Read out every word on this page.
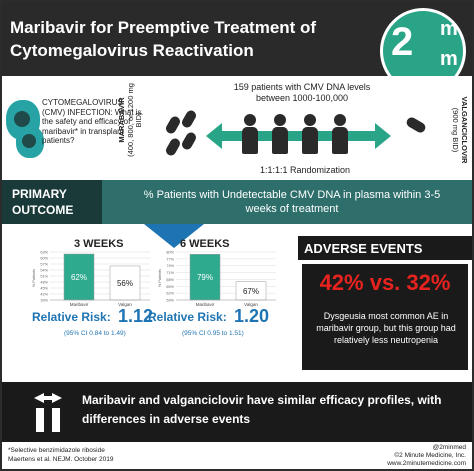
Maribavir for Preemptive Treatment of Cytomegalovirus Reactivation	2 m
m
CYTOMEGALOVIRUS (CMV) INFECTION: What is the safety and efficacy of maribavir* in transplant patients?	MARABAVIR (400, 800, or 1200 mg BID)
159 patients with CMV DNA levels between 1000-100,000
1:1:1:1 Randomization
VALGANCICLOVIR
(900 mg BID)
PRIMARY OUTCOME
% Patients with Undetectable CMV DNA in plasma within 3-5 weeks of treatment
3 WEEKS
63%
60%
57%
54%
51%
48%
45%
42%
39%
% Patients	62%
Maribavir
56%
Valgan
Relative Risk: 1.12
(95% CI 0.84 to 1.49)
6 WEEKS
80%
77%
74%
71%
68%
65%
62%
59%
% Patients	79%
Maribavir
67%
Valgan
Relative Risk: 1.20
(95% CI 0.95 to 1.51)
ADVERSE EVENTS
42% vs. 32%
Dysgeusia most common AE in maribavir group, but this group had relatively less neutropenia
Maribavir and valganciclovir have similar efficacy profiles, with differences in adverse events
*Selective benzimidazole riboside
Maertens et al. NEJM. October 2019
@2minmed
©2 Minute Medicine, Inc.
www.2minutemedicine.com
